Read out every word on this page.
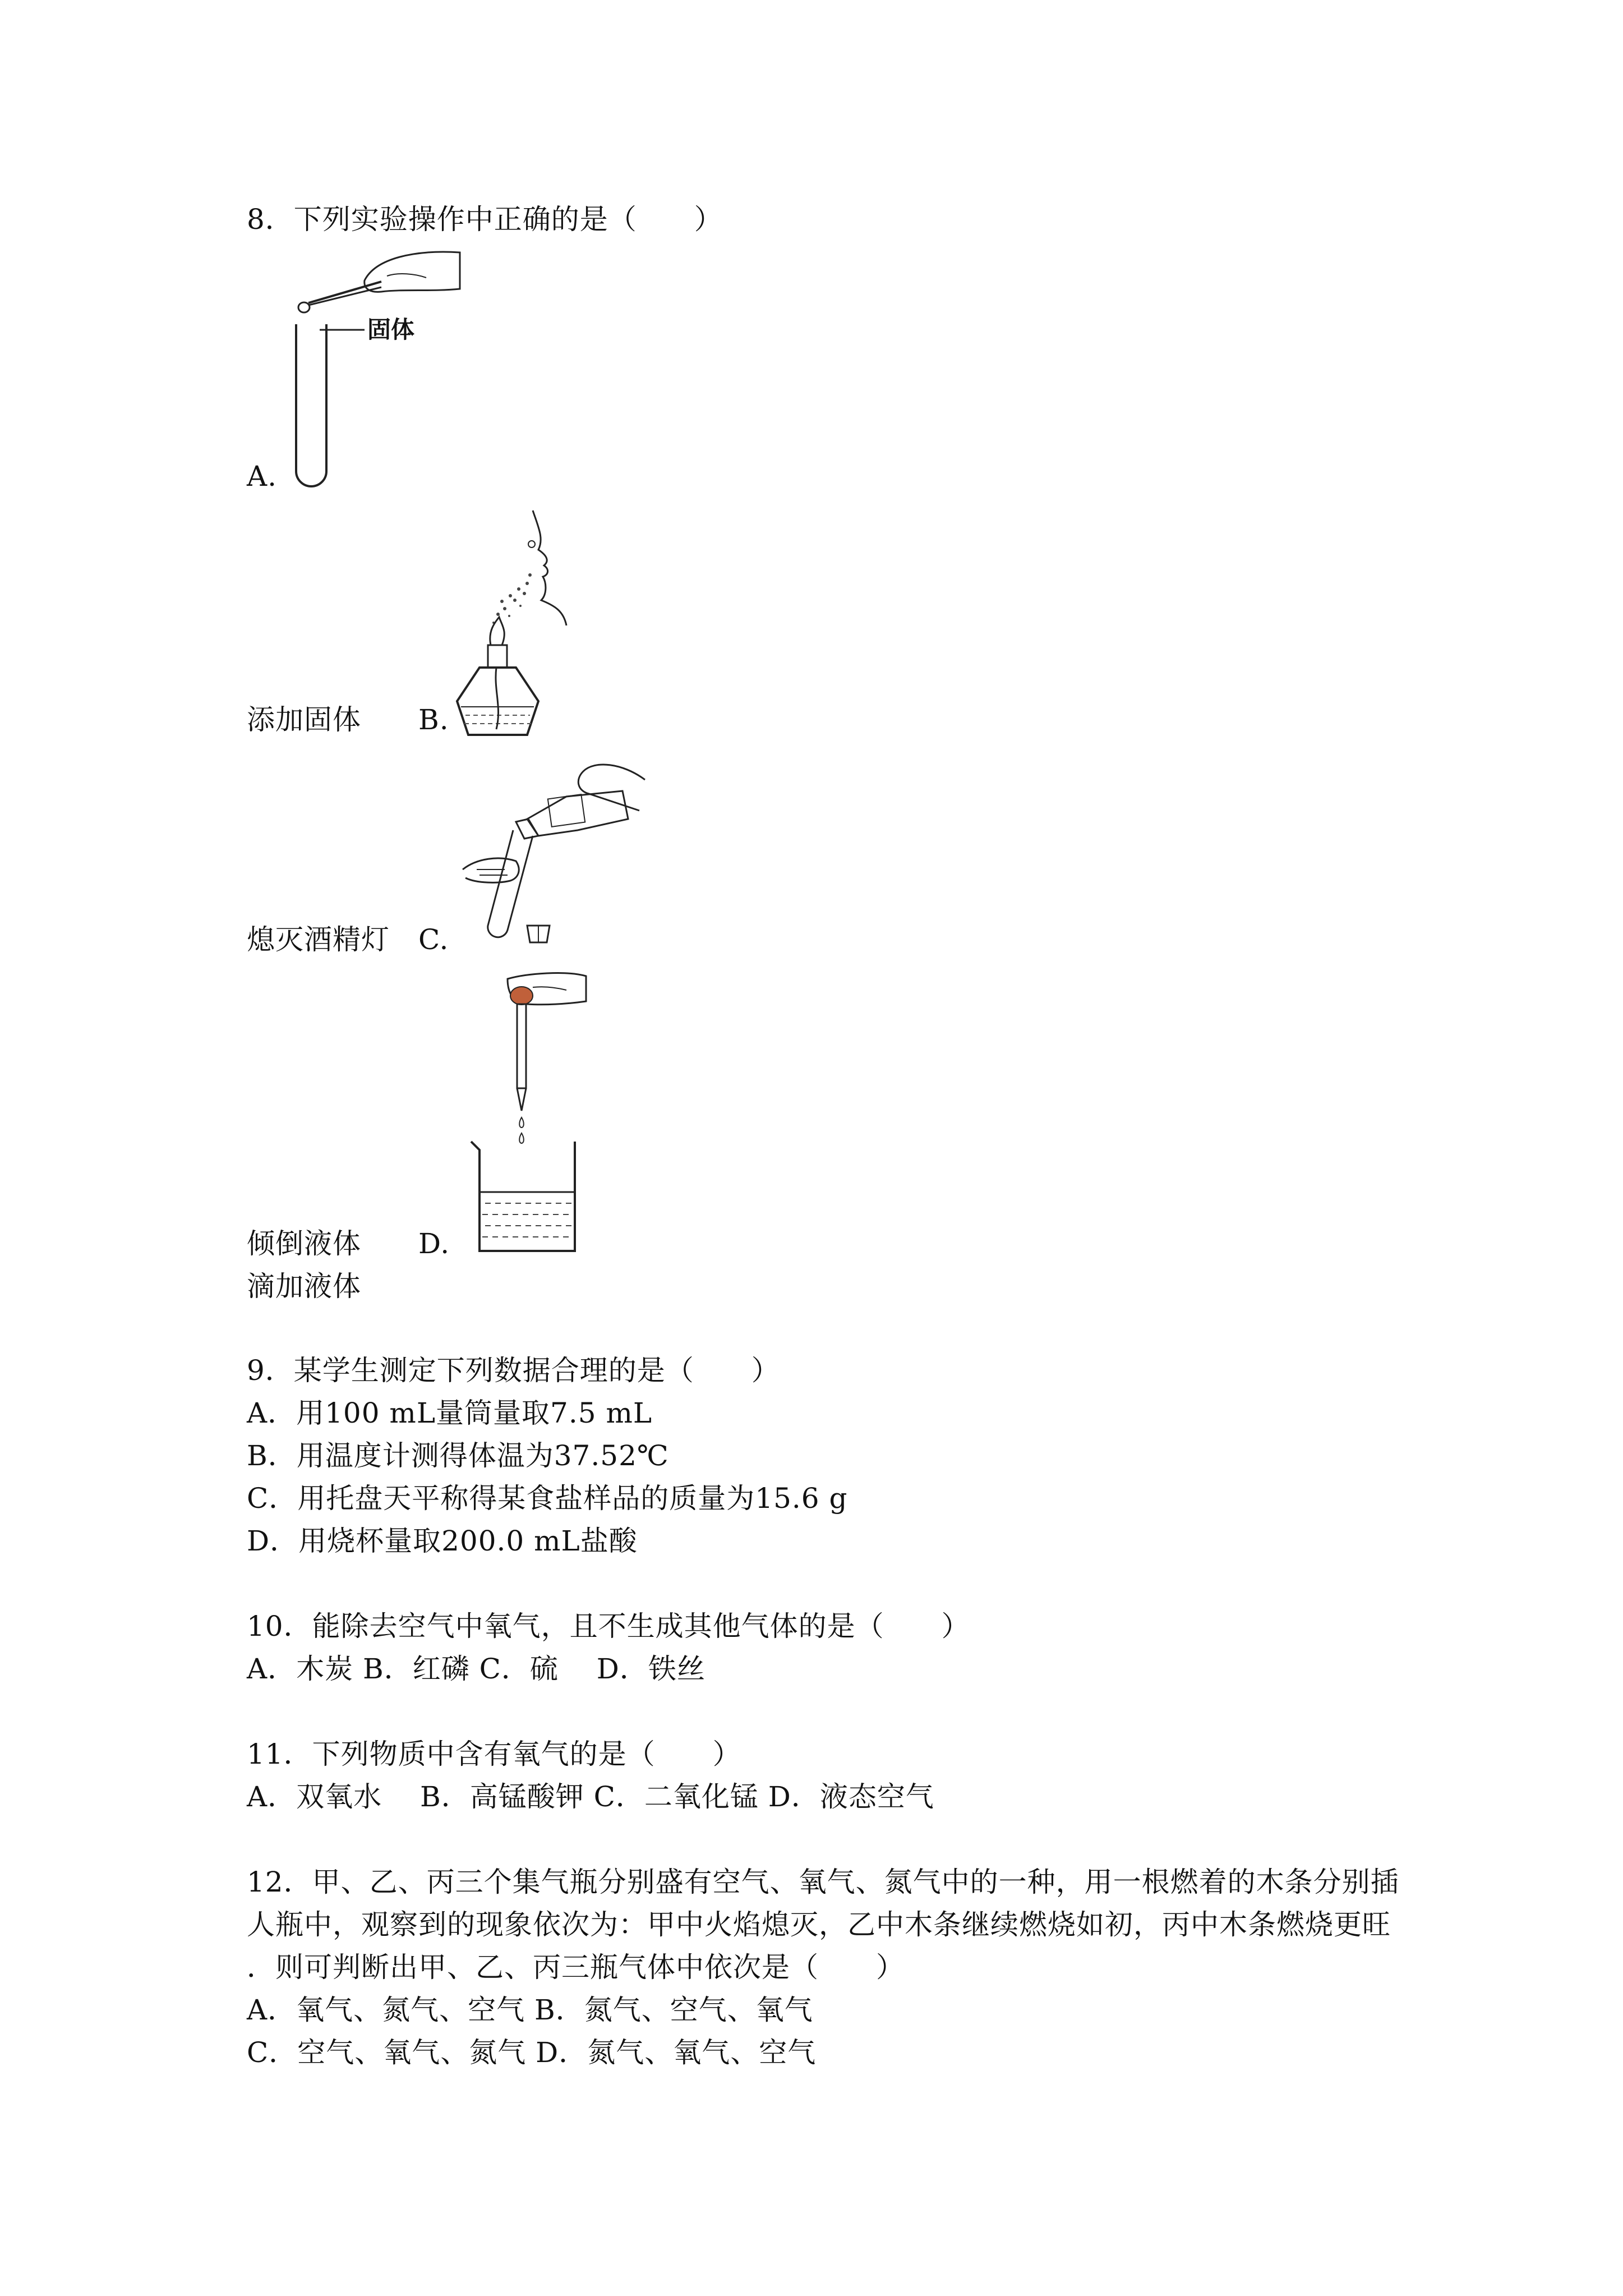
8．下列实验操作中正确的是（　　）
固体
A.
添加固体　　B.
熄灭酒精灯　C.
倾倒液体　　D.
滴加液体
9．某学生测定下列数据合理的是（　　）
A．用100 mL量筒量取7.5 mL
B．用温度计测得体温为37.52℃
C．用托盘天平称得某食盐样品的质量为15.6 g
D．用烧杯量取200.0 mL盐酸
10．能除去空气中氧气，且不生成其他气体的是（　　）
A．木炭 B．红磷 C．硫　 D．铁丝
11．下列物质中含有氧气的是（　　）
A．双氧水　 B．高锰酸钾 C．二氧化锰 D．液态空气
12．甲、乙、丙三个集气瓶分别盛有空气、氧气、氮气中的一种，用一根燃着的木条分别插
人瓶中，观察到的现象依次为：甲中火焰熄灭，乙中木条继续燃烧如初，丙中木条燃烧更旺
．则可判断出甲、乙、丙三瓶气体中依次是（　　）
A．氧气、氮气、空气 B．氮气、空气、氧气
C．空气、氧气、氮气 D．氮气、氧气、空气
